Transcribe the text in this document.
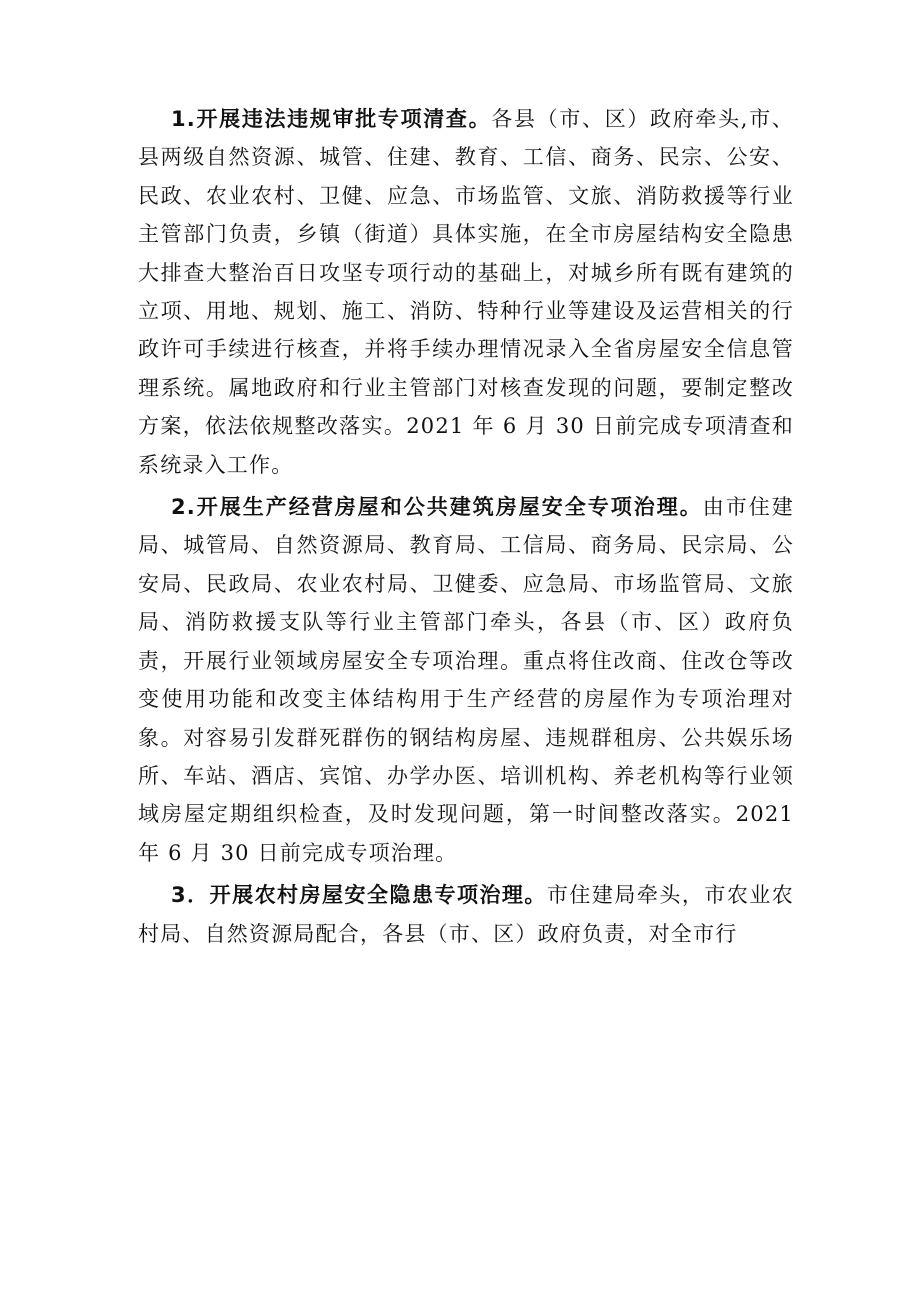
1.开展违法违规审批专项清查。各县（市、区）政府牵头,市、县两级自然资源、城管、住建、教育、工信、商务、民宗、公安、民政、农业农村、卫健、应急、市场监管、文旅、消防救援等行业主管部门负责，乡镇（街道）具体实施，在全市房屋结构安全隐患大排查大整治百日攻坚专项行动的基础上，对城乡所有既有建筑的立项、用地、规划、施工、消防、特种行业等建设及运营相关的行政许可手续进行核查，并将手续办理情况录入全省房屋安全信息管理系统。属地政府和行业主管部门对核查发现的问题，要制定整改方案，依法依规整改落实。2021 年 6 月 30 日前完成专项清查和系统录入工作。

2.开展生产经营房屋和公共建筑房屋安全专项治理。由市住建局、城管局、自然资源局、教育局、工信局、商务局、民宗局、公安局、民政局、农业农村局、卫健委、应急局、市场监管局、文旅局、消防救援支队等行业主管部门牵头，各县（市、区）政府负责，开展行业领域房屋安全专项治理。重点将住改商、住改仓等改变使用功能和改变主体结构用于生产经营的房屋作为专项治理对象。对容易引发群死群伤的钢结构房屋、违规群租房、公共娱乐场所、车站、酒店、宾馆、办学办医、培训机构、养老机构等行业领域房屋定期组织检查，及时发现问题，第一时间整改落实。2021 年 6 月 30 日前完成专项治理。

3．开展农村房屋安全隐患专项治理。市住建局牵头，市农业农村局、自然资源局配合，各县（市、区）政府负责，对全市行
